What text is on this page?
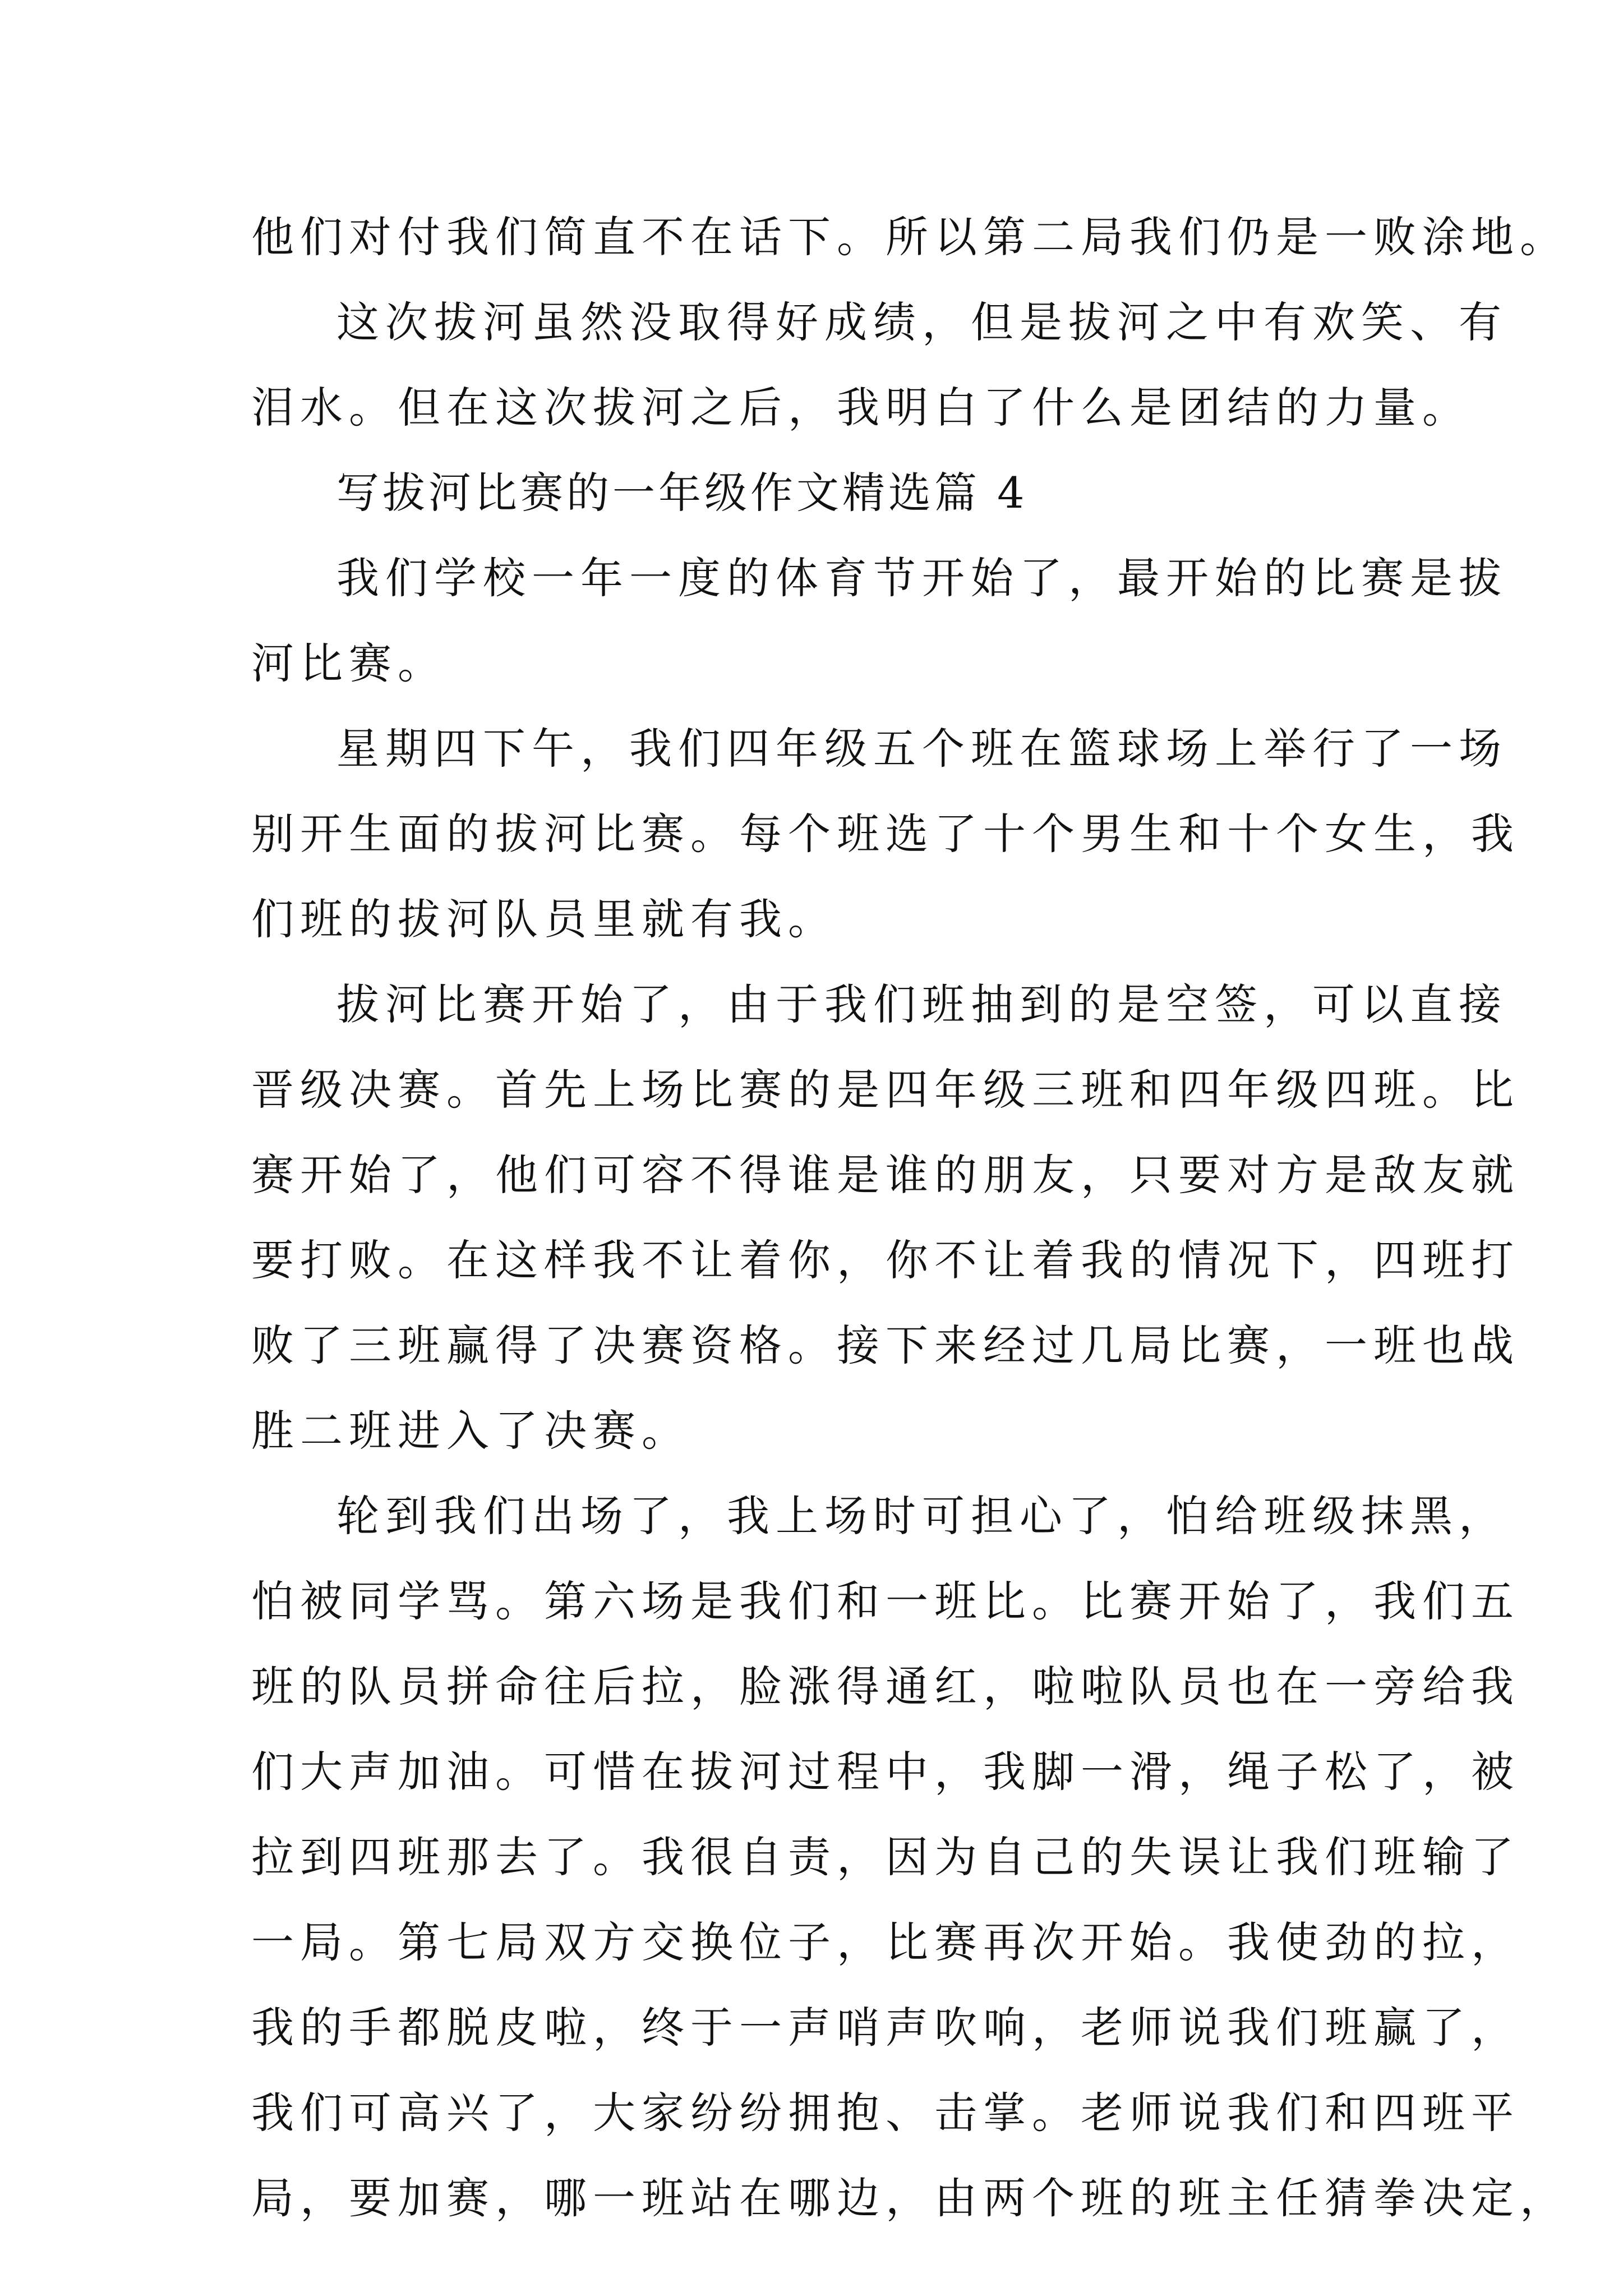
他们对付我们简直不在话下。所以第二局我们仍是一败涂地。
这次拔河虽然没取得好成绩，但是拔河之中有欢笑、有
泪水。但在这次拔河之后，我明白了什么是团结的力量。
写拔河比赛的一年级作文精选篇 4
我们学校一年一度的体育节开始了，最开始的比赛是拔
河比赛。
星期四下午，我们四年级五个班在篮球场上举行了一场
别开生面的拔河比赛。每个班选了十个男生和十个女生，我
们班的拔河队员里就有我。
拔河比赛开始了，由于我们班抽到的是空签，可以直接
晋级决赛。首先上场比赛的是四年级三班和四年级四班。比
赛开始了，他们可容不得谁是谁的朋友，只要对方是敌友就
要打败。在这样我不让着你，你不让着我的情况下，四班打
败了三班赢得了决赛资格。接下来经过几局比赛，一班也战
胜二班进入了决赛。
轮到我们出场了，我上场时可担心了，怕给班级抹黑，
怕被同学骂。第六场是我们和一班比。比赛开始了，我们五
班的队员拼命往后拉，脸涨得通红，啦啦队员也在一旁给我
们大声加油。可惜在拔河过程中，我脚一滑，绳子松了，被
拉到四班那去了。我很自责，因为自己的失误让我们班输了
一局。第七局双方交换位子，比赛再次开始。我使劲的拉，
我的手都脱皮啦，终于一声哨声吹响，老师说我们班赢了，
我们可高兴了，大家纷纷拥抱、击掌。老师说我们和四班平
局，要加赛，哪一班站在哪边，由两个班的班主任猜拳决定，
